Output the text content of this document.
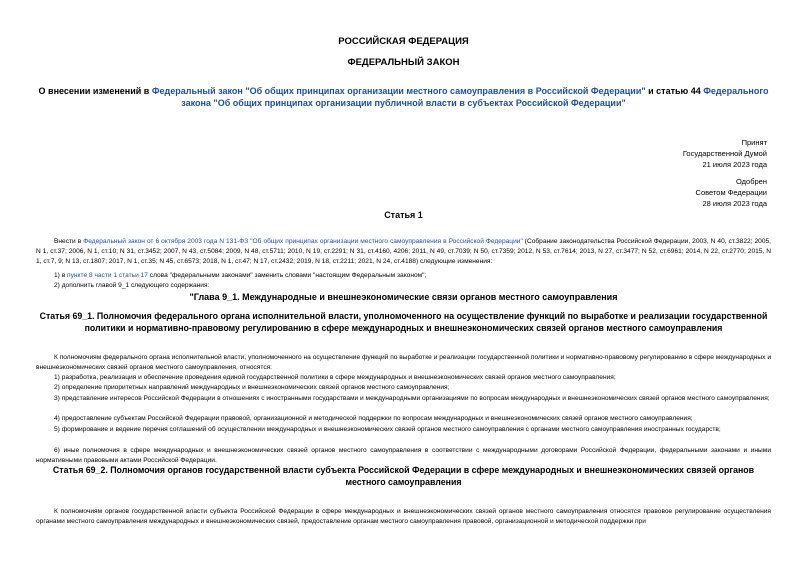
РОССИЙСКАЯ ФЕДЕРАЦИЯ
ФЕДЕРАЛЬНЫЙ ЗАКОН
О внесении изменений в Федеральный закон "Об общих принципах организации местного самоуправления в Российской Федерации" и статью 44 Федерального закона "Об общих принципах организации публичной власти в субъектах Российской Федерации"
Принят
Государственной Думой
21 июля 2023 года
Одобрен
Советом Федерации
28 июля 2023 года
Статья 1
Внести в Федеральный закон от 6 октября 2003 года N 131-ФЗ "Об общих принципах организации местного самоуправления в Российской Федерации" (Собрание законодательства Российской Федерации, 2003, N 40, ст.3822; 2005, N 1, ст.37; 2006, N 1, ст.10; N 31, ст.3452; 2007, N 43, ст.5084; 2009, N 48, ст.5711; 2010, N 19, ст.2291; N 31, ст.4160, 4206; 2011, N 49, ст.7039; N 50, ст.7359; 2012, N 53, ст.7614; 2013, N 27, ст.3477; N 52, ст.6961; 2014, N 22, ст.2770; 2015, N 1, ст.7, 9; N 13, ст.1807; 2017, N 1, ст.35; N 45, ст.6573; 2018, N 1, ст.47; N 17, ст.2432; 2019, N 18, ст.2211; 2021, N 24, ст.4188) следующие изменения:
1) в пункте 8 части 1 статьи 17 слова "федеральными законами" заменить словами "настоящим Федеральным законом";
2) дополнить главой 9_1 следующего содержания:
"Глава 9_1. Международные и внешнеэкономические связи органов местного самоуправления
Статья 69_1. Полномочия федерального органа исполнительной власти, уполномоченного на осуществление функций по выработке и реализации государственной политики и нормативно-правовому регулированию в сфере международных и внешнеэкономических связей органов местного самоуправления
К полномочиям федерального органа исполнительной власти, уполномоченного на осуществление функций по выработке и реализации государственной политики и нормативно-правовому регулированию в сфере международных и внешнеэкономических связей органов местного самоуправления, относятся:
1) разработка, реализация и обеспечение проведения единой государственной политики в сфере международных и внешнеэкономических связей органов местного самоуправления;
2) определение приоритетных направлений международных и внешнеэкономических связей органов местного самоуправления;
3) представление интересов Российской Федерации в отношениях с иностранными государствами и международными организациями по вопросам международных и внешнеэкономических связей органов местного самоуправления;
4) предоставление субъектам Российской Федерации правовой, организационной и методической поддержки по вопросам международных и внешнеэкономических связей органов местного самоуправления;
5) формирование и ведение перечня соглашений об осуществлении международных и внешнеэкономических связей органов местного самоуправления с органами местного самоуправления иностранных государств;
6) иные полномочия в сфере международных и внешнеэкономических связей органов местного самоуправления в соответствии с международными договорами Российской Федерации, федеральными законами и иными нормативными правовыми актами Российской Федерации.
Статья 69_2. Полномочия органов государственной власти субъекта Российской Федерации в сфере международных и внешнеэкономических связей органов местного самоуправления
К полномочиям органов государственной власти субъекта Российской Федерации в сфере международных и внешнеэкономических связей органов местного самоуправления относятся правовое регулирование осуществления органами местного самоуправления международных и внешнеэкономических связей, предоставление органам местного самоуправления правовой, организационной и методической поддержки при
